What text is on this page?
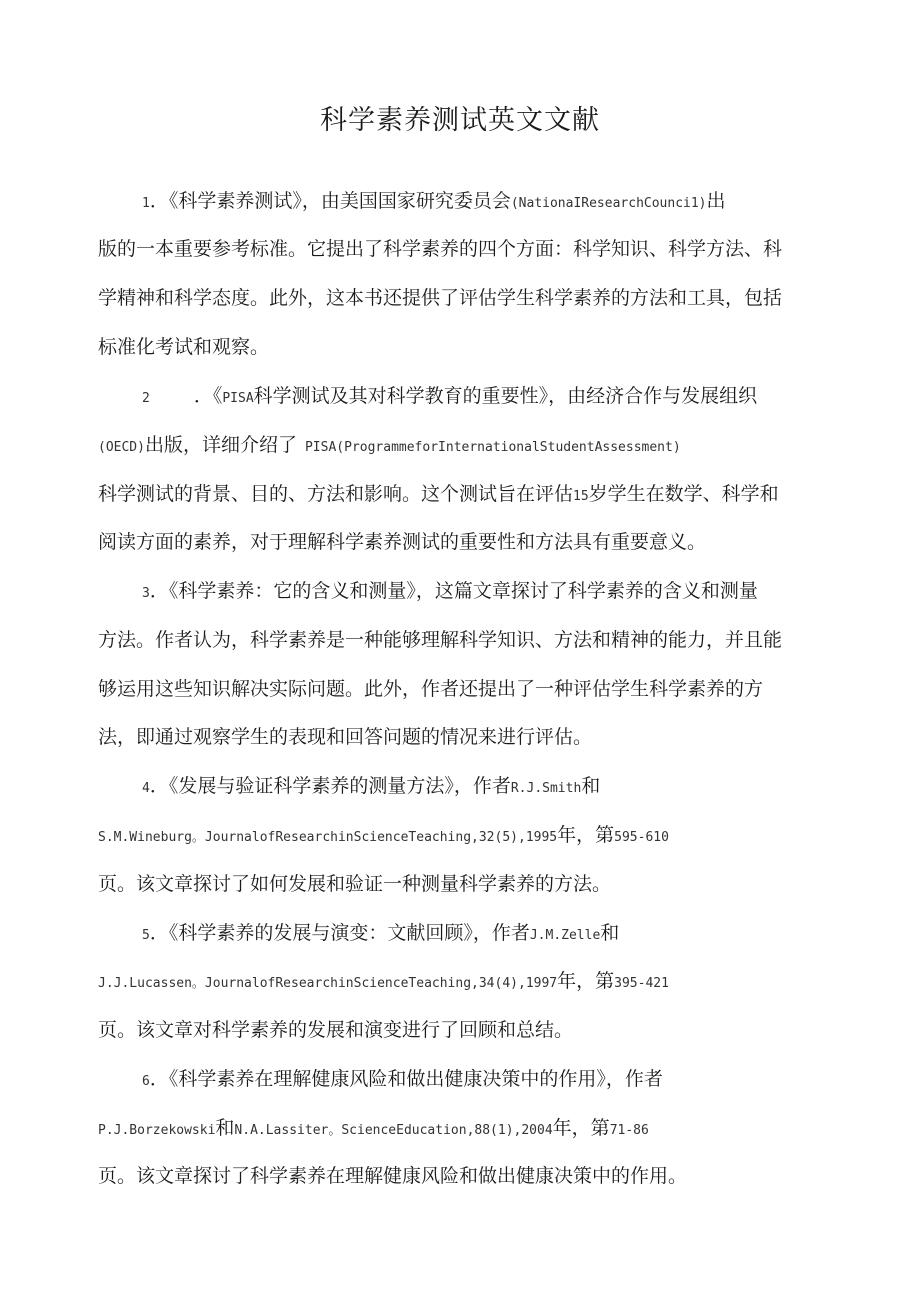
科学素养测试英文文献
1．《科学素养测试》，由美国国家研究委员会(NationaIResearchCounci1)出
版的一本重要参考标准。它提出了科学素养的四个方面：科学知识、科学方法、科
学精神和科学态度。此外，这本书还提供了评估学生科学素养的方法和工具，包括
标准化考试和观察。
2 ．《PISA科学测试及其对科学教育的重要性》，由经济合作与发展组织
(OECD)出版，详细介绍了 PISA(ProgrammeforInternationalStudentAssessment)
科学测试的背景、目的、方法和影响。这个测试旨在评估15岁学生在数学、科学和
阅读方面的素养，对于理解科学素养测试的重要性和方法具有重要意义。
3．《科学素养：它的含义和测量》，这篇文章探讨了科学素养的含义和测量
方法。作者认为，科学素养是一种能够理解科学知识、方法和精神的能力，并且能
够运用这些知识解决实际问题。此外，作者还提出了一种评估学生科学素养的方
法，即通过观察学生的表现和回答问题的情况来进行评估。
4．《发展与验证科学素养的测量方法》，作者R.J.Smith和
S.M.Wineburg。JournalofResearchinScienceTeaching,32(5),1995年，第595-610
页。该文章探讨了如何发展和验证一种测量科学素养的方法。
5．《科学素养的发展与演变：文献回顾》，作者J.M.Zelle和
J.J.Lucassen。JournalofResearchinScienceTeaching,34(4),1997年，第395-421
页。该文章对科学素养的发展和演变进行了回顾和总结。
6．《科学素养在理解健康风险和做出健康决策中的作用》，作者
P.J.Borzekowski和N.A.Lassiter。ScienceEducation,88(1),2004年，第71-86
页。该文章探讨了科学素养在理解健康风险和做出健康决策中的作用。
